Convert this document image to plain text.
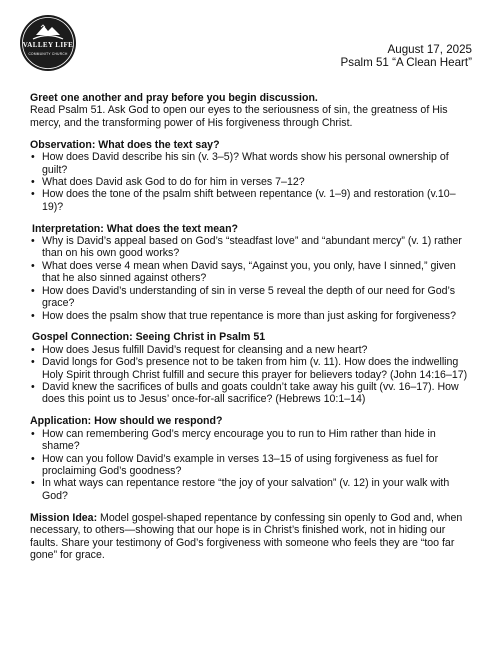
VALLEY LIFE
COMMUNITY CHURCH	August 17, 2025
Psalm 51 “A Clean Heart”
Greet one another and pray before you begin discussion.

Read Psalm 51. Ask God to open our eyes to the seriousness of sin, the greatness of His mercy, and the transforming power of His forgiveness through Christ.

Observation: What does the text say?
• How does David describe his sin (v. 3–5)? What words show his personal ownership of guilt?
• What does David ask God to do for him in verses 7–12?
• How does the tone of the psalm shift between repentance (v. 1–9) and restoration (v.10–19)?
Interpretation: What does the text mean?
• Why is David’s appeal based on God’s “steadfast love” and “abundant mercy” (v. 1) rather than on his own good works?
• What does verse 4 mean when David says, “Against you, you only, have I sinned,” given that he also sinned against others?
• How does David’s understanding of sin in verse 5 reveal the depth of our need for God’s grace?
• How does the psalm show that true repentance is more than just asking for forgiveness?
Gospel Connection: Seeing Christ in Psalm 51
• How does Jesus fulfill David’s request for cleansing and a new heart?
• David longs for God’s presence not to be taken from him (v. 11). How does the indwelling Holy Spirit through Christ fulfill and secure this prayer for believers today? (John 14:16–17)
• David knew the sacrifices of bulls and goats couldn’t take away his guilt (vv. 16–17). How does this point us to Jesus’ once-for-all sacrifice? (Hebrews 10:1–14)
Application: How should we respond?
• How can remembering God’s mercy encourage you to run to Him rather than hide in shame?
• How can you follow David’s example in verses 13–15 of using forgiveness as fuel for proclaiming God’s goodness?
• In what ways can repentance restore “the joy of your salvation” (v. 12) in your walk with God?

Mission Idea: Model gospel-shaped repentance by confessing sin openly to God and, when necessary, to others—showing that our hope is in Christ’s finished work, not in hiding our faults. Share your testimony of God’s forgiveness with someone who feels they are “too far gone” for grace.
